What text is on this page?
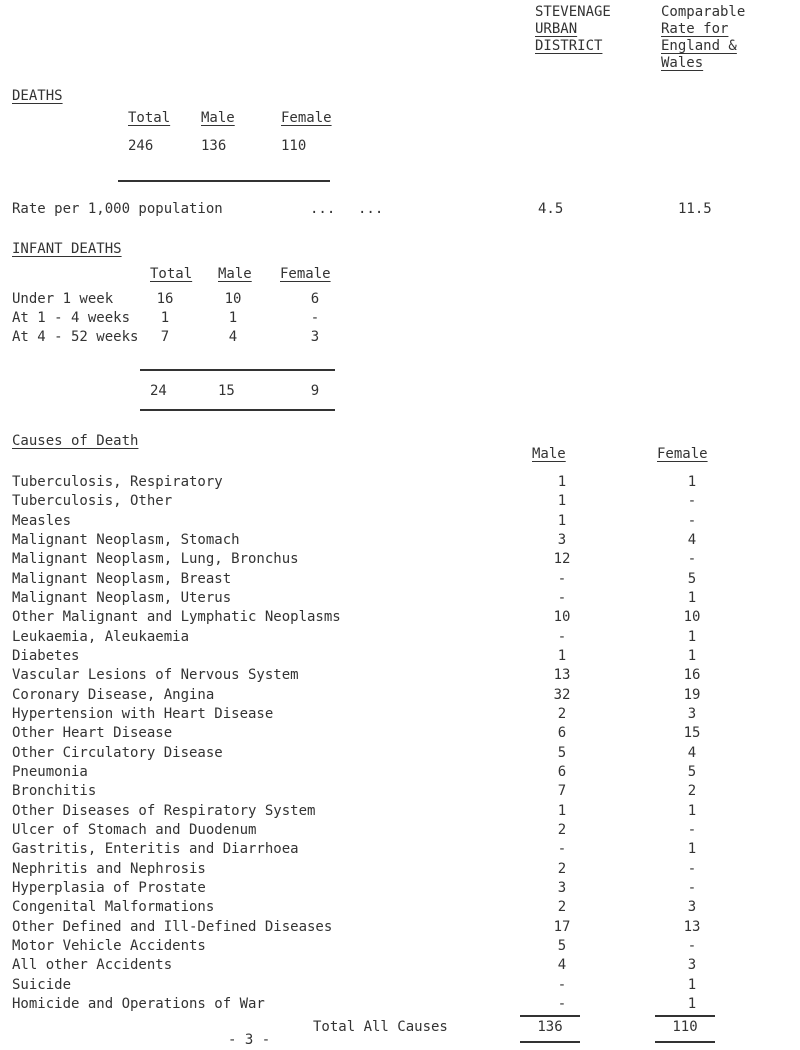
STEVENAGE
URBAN
DISTRICT
Comparable
Rate for
England &
Wales
DEATHS
Total Male	Female
246	136	110
Rate per 1,000 population	... ...	4.5	11.5
INFANT DEATHS
Total Male Female
Under 1 week	16	10	6
At 1 - 4 weeks	1	1	-
At 4 - 52 weeks	7	4	3
24	15	9
Causes of Death
Male	Female
Tuberculosis, Respiratory	1	1
Tuberculosis, Other	1	-
Measles	1	-
Malignant Neoplasm, Stomach	3	4
Malignant Neoplasm, Lung, Bronchus	12	-
Malignant Neoplasm, Breast	-	5
Malignant Neoplasm, Uterus	-	1
Other Malignant and Lymphatic Neoplasms	10	10
Leukaemia, Aleukaemia	-	1
Diabetes	1	1
Vascular Lesions of Nervous System	13	16
Coronary Disease, Angina	32	19
Hypertension with Heart Disease	2	3
Other Heart Disease	6	15
Other Circulatory Disease	5	4
Pneumonia	6	5
Bronchitis	7	2
Other Diseases of Respiratory System	1	1
Ulcer of Stomach and Duodenum	2	-
Gastritis, Enteritis and Diarrhoea	-	1
Nephritis and Nephrosis	2	-
Hyperplasia of Prostate	3	-
Congenital Malformations	2	3
Other Defined and Ill-Defined Diseases	17	13
Motor Vehicle Accidents	5	-
All other Accidents	4	3
Suicide	-	1
Homicide and Operations of War	-	1
Total All Causes	136	110
- 3 -
